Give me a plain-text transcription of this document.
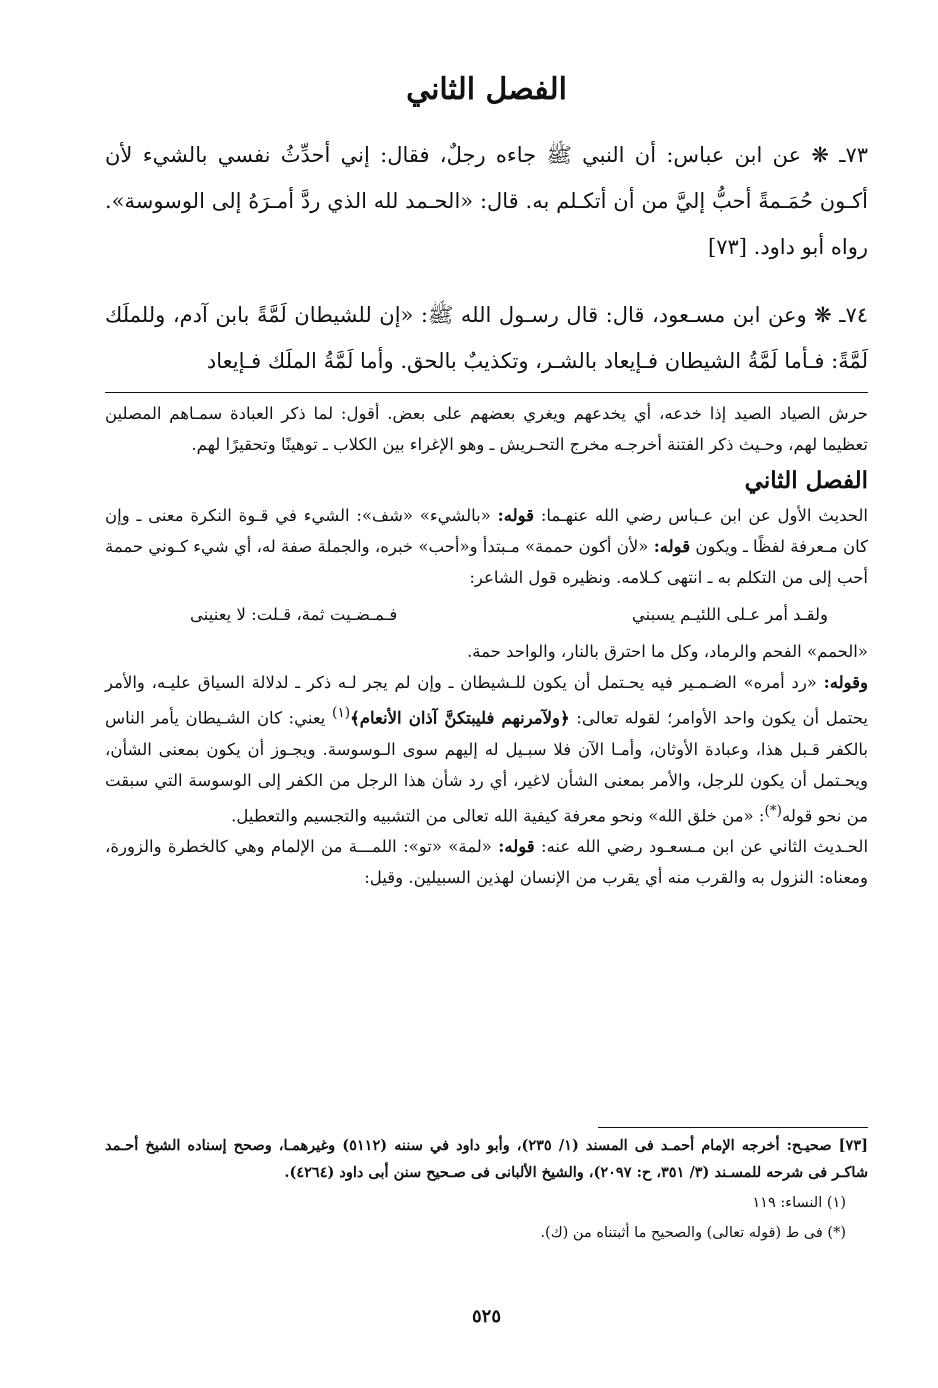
الفصل الثاني

٧٣ـ ❋ عن ابن عباس: أن النبي ﷺ جاءه رجلٌ، فقال: إني أحدِّثُ نفسي بالشيء لأن أكـون حُمَـمةً أحبُّ إليَّ من أن أتكـلم به. قال: «الحـمد لله الذي ردَّ أمـرَهُ إلى الوسوسة». رواه أبو داود. [٧٣]

٧٤ـ ❋ وعن ابن مسـعود، قال: قال رسـول الله ﷺ: «إن للشيطان لَمَّةً بابن آدم، وللملَك لَمَّةً: فـأما لَمَّةُ الشيطان فـإيعاد بالشـر، وتكذيبٌ بالحق. وأما لَمَّةُ الملَك فـإيعاد

حرش الصياد الصيد إذا خدعه، أي يخدعهم ويغري بعضهم على بعض. أقول: لما ذكر العبادة سمـاهم المصلين تعظيما لهم، وحـيث ذكر الفتنة أخرجـه مخرج التحـريش ـ وهو الإغراء بين الكلاب ـ توهينًا وتحقيرًا لهم.

الفصل الثاني

الحديث الأول عن ابن عـباس رضي الله عنهـما: قوله: «بالشيء» «شف»: الشيء في قـوة النكرة معنى ـ وإن كان مـعرفة لفظًا ـ ويكون قوله: «لأن أكون حممة» مـبتدأ و«أحب» خبره، والجملة صفة له، أي شيء كـوني حممة أحب إلى من التكلم به ـ انتهى كـلامه. ونظيره قول الشاعر:

ولقـد أمر عـلى اللئيـم يسبني
فـمـضـيت ثمة، قـلت: لا يعنينى

«الحمم» الفحم والرماد، وكل ما احترق بالنار، والواحد حمة.

وقوله: «رد أمره» الضـمـير فيه يحـتمل أن يكون للـشيطان ـ وإن لم يجر لـه ذكر ـ لدلالة السياق عليـه، والأمر يحتمل أن يكون واحد الأوامر؛ لقوله تعالى: ﴿ولآمرنهم فليبتكنَّ آذان الأنعام﴾$^{(١)}$ يعني: كان الشـيطان يأمر الناس بالكفر قـبل هذا، وعبادة الأوثان، وأمـا الآن فلا سبـيل له إليهم سوى الـوسوسة. ويجـوز أن يكون بمعنى الشأن، ويحـتمل أن يكون للرجل، والأمر بمعنى الشأن لاغير، أي رد شأن هذا الرجل من الكفر إلى الوسوسة التي سبقت من نحو قوله(*): «من خلق الله» ونحو معرفة كيفية الله تعالى من التشبيه والتجسيم والتعطيل.

الحـديث الثاني عن ابن مـسعـود رضي الله عنه: قوله: «لمة» «تو»: اللمـــة من الإلمام وهي كالخطرة والزورة، ومعناه: النزول به والقرب منه أي يقرب من الإنسان لهذين السبيلين. وقيل:

[٧٣] صحيـح: أخرجه الإمام أحمـد فى المسند (١/ ٢٣٥)، وأبو داود في سننه (٥١١٢) وغيرهمـا، وصحح إسناده الشيخ أحـمد شاكـر فى شرحه للمسـند (٣/ ٣٥١، ح: ٢٠٩٧)، والشيخ الألبانى فى صـحيح سنن أبى داود (٤٢٦٤).

(١) النساء: ١١٩

(*) فى ط (قوله تعالى) والصحيح ما أثبتناه من (ك).

٥٢٥
